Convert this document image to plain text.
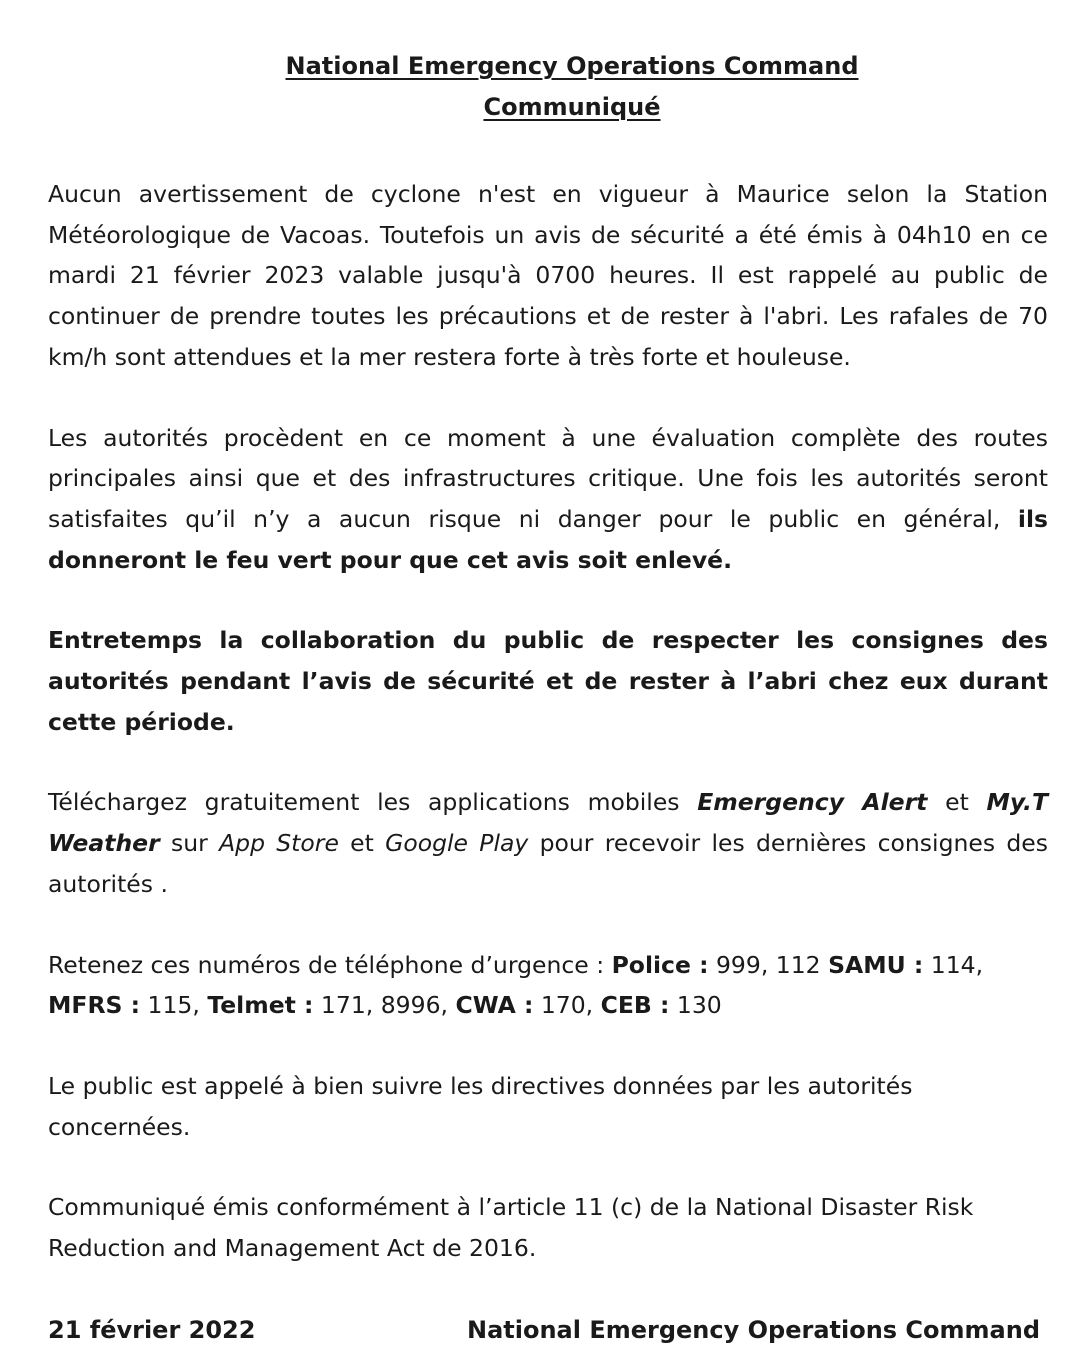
National Emergency Operations Command
Communiqué

Aucun avertissement de cyclone n'est en vigueur à Maurice selon la Station Météorologique de Vacoas. Toutefois un avis de sécurité a été émis à 04h10 en ce mardi 21 février 2023 valable jusqu'à 0700 heures. Il est rappelé au public de continuer de prendre toutes les précautions et de rester à l'abri. Les rafales de 70 km/h sont attendues et la mer restera forte à très forte et houleuse.

Les autorités procèdent en ce moment à une évaluation complète des routes principales ainsi que et des infrastructures critique. Une fois les autorités seront satisfaites qu’il n’y a aucun risque ni danger pour le public en général, ils donneront le feu vert pour que cet avis soit enlevé.

Entretemps la collaboration du public de respecter les consignes des autorités pendant l’avis de sécurité et de rester à l’abri chez eux durant cette période.

Téléchargez gratuitement les applications mobiles Emergency Alert et My.T Weather sur App Store et Google Play pour recevoir les dernières consignes des autorités .

Retenez ces numéros de téléphone d’urgence : Police : 999, 112 SAMU : 114,
MFRS : 115, Telmet : 171, 8996, CWA : 170, CEB : 130

Le public est appelé à bien suivre les directives données par les autorités concernées.

Communiqué émis conformément à l’article 11 (c) de la National Disaster Risk
Reduction and Management Act de 2016.

21 février 2022	National Emergency Operations Command
